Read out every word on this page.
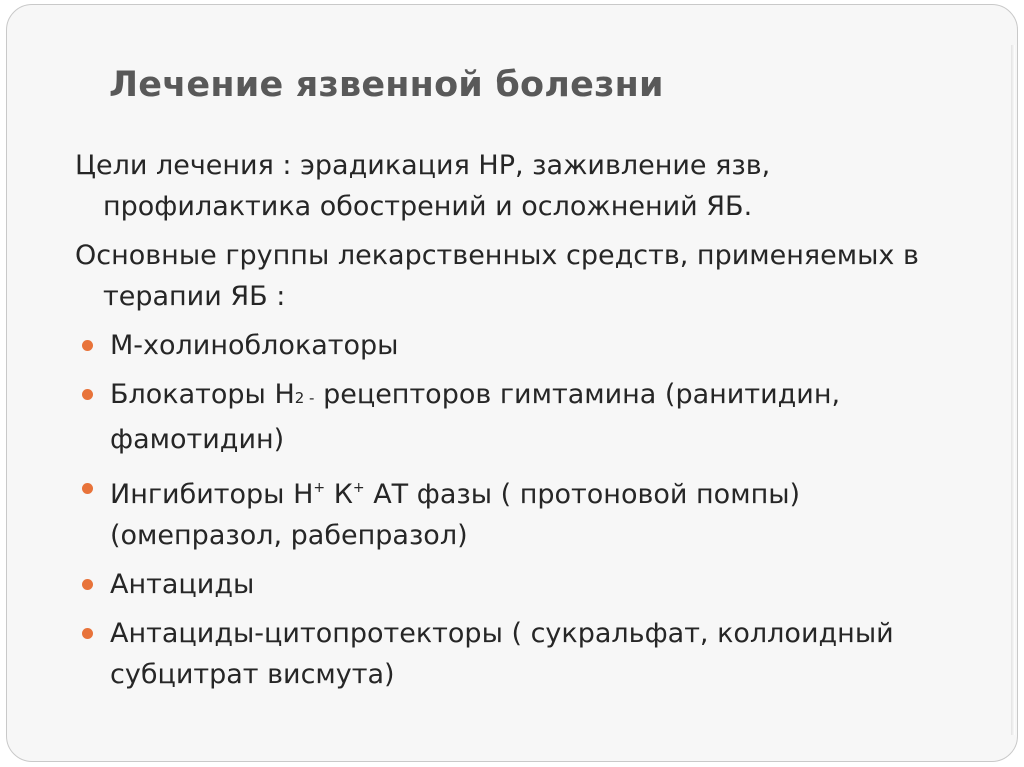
Лечение язвенной болезни

Цели лечения : эрадикация НР, заживление язв, профилактика обострений и осложнений ЯБ.

Основные группы лекарственных средств, применяемых в терапии ЯБ :

М-холиноблокаторы
Блокаторы Н2 - рецепторов гимтамина (ранитидин, фамотидин)
Ингибиторы Н+ К+ АТ фазы ( протоновой помпы) (омепразол, рабепразол)
Антациды
Антациды-цитопротекторы ( сукральфат, коллоидный субцитрат висмута)
